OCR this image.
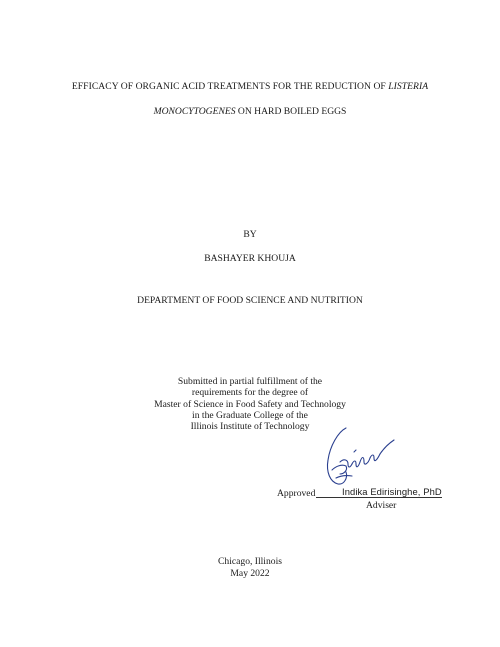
EFFICACY OF ORGANIC ACID TREATMENTS FOR THE REDUCTION OF LISTERIA
MONOCYTOGENES ON HARD BOILED EGGS
BY
BASHAYER KHOUJA
DEPARTMENT OF FOOD SCIENCE AND NUTRITION
Submitted in partial fulfillment of the
requirements for the degree of
Master of Science in Food Safety and Technology
in the Graduate College of the
Illinois Institute of Technology
Approved	Indika Edirisinghe, PhD
Adviser
Chicago, Illinois
May 2022
